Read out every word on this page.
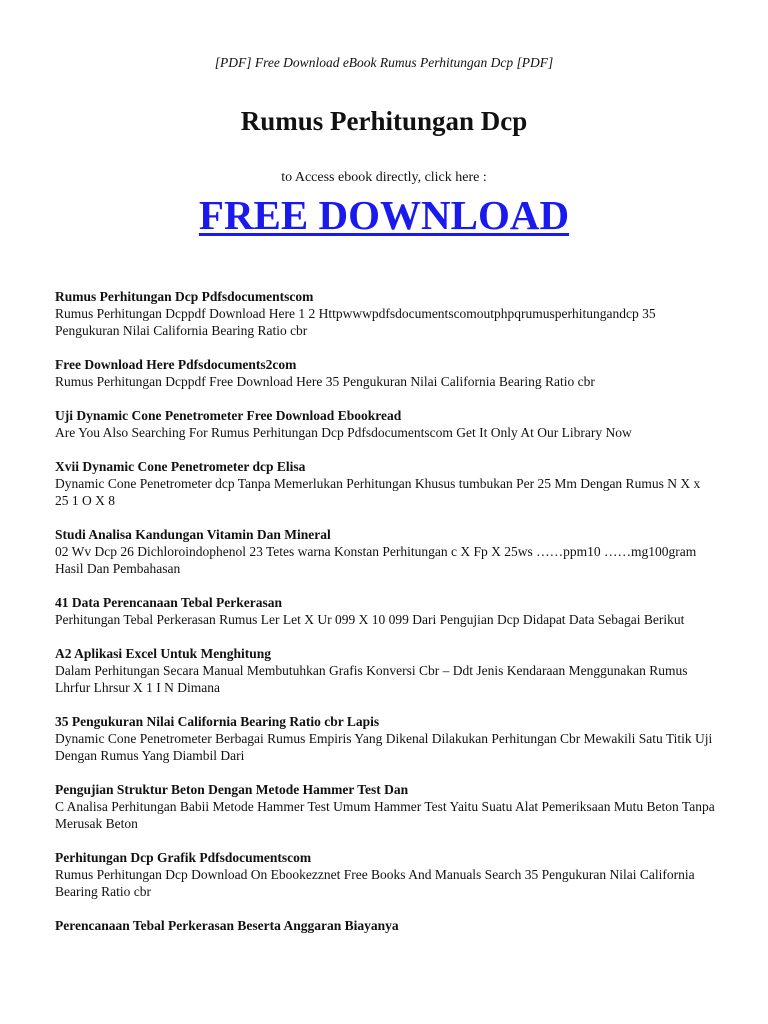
[PDF] Free Download eBook Rumus Perhitungan Dcp [PDF]
Rumus Perhitungan Dcp
to Access ebook directly, click here :
FREE DOWNLOAD

Rumus Perhitungan Dcp Pdfsdocumentscom

Rumus Perhitungan Dcppdf Download Here 1 2 Httpwwwpdfsdocumentscomoutphpqrumusperhitungandcp 35 Pengukuran Nilai California Bearing Ratio cbr

Free Download Here Pdfsdocuments2com

Rumus Perhitungan Dcppdf Free Download Here 35 Pengukuran Nilai California Bearing Ratio cbr

Uji Dynamic Cone Penetrometer Free Download Ebookread

Are You Also Searching For Rumus Perhitungan Dcp Pdfsdocumentscom Get It Only At Our Library Now

Xvii Dynamic Cone Penetrometer dcp Elisa

Dynamic Cone Penetrometer dcp Tanpa Memerlukan Perhitungan Khusus tumbukan Per 25 Mm Dengan Rumus N X x 25 1 O X 8

Studi Analisa Kandungan Vitamin Dan Mineral

02 Wv Dcp 26 Dichloroindophenol 23 Tetes warna Konstan Perhitungan c X Fp X 25ws ……ppm10 ……mg100gram Hasil Dan Pembahasan

41 Data Perencanaan Tebal Perkerasan

Perhitungan Tebal Perkerasan Rumus Ler Let X Ur 099 X 10 099 Dari Pengujian Dcp Didapat Data Sebagai Berikut

A2 Aplikasi Excel Untuk Menghitung

Dalam Perhitungan Secara Manual Membutuhkan Grafis Konversi Cbr – Ddt Jenis Kendaraan Menggunakan Rumus Lhrfur Lhrsur X 1 I N Dimana

35 Pengukuran Nilai California Bearing Ratio cbr Lapis

Dynamic Cone Penetrometer Berbagai Rumus Empiris Yang Dikenal Dilakukan Perhitungan Cbr Mewakili Satu Titik Uji Dengan Rumus Yang Diambil Dari

Pengujian Struktur Beton Dengan Metode Hammer Test Dan

C Analisa Perhitungan Babii Metode Hammer Test Umum Hammer Test Yaitu Suatu Alat Pemeriksaan Mutu Beton Tanpa Merusak Beton

Perhitungan Dcp Grafik Pdfsdocumentscom

Rumus Perhitungan Dcp Download On Ebookezznet Free Books And Manuals Search 35 Pengukuran Nilai California Bearing Ratio cbr

Perencanaan Tebal Perkerasan Beserta Anggaran Biayanya
